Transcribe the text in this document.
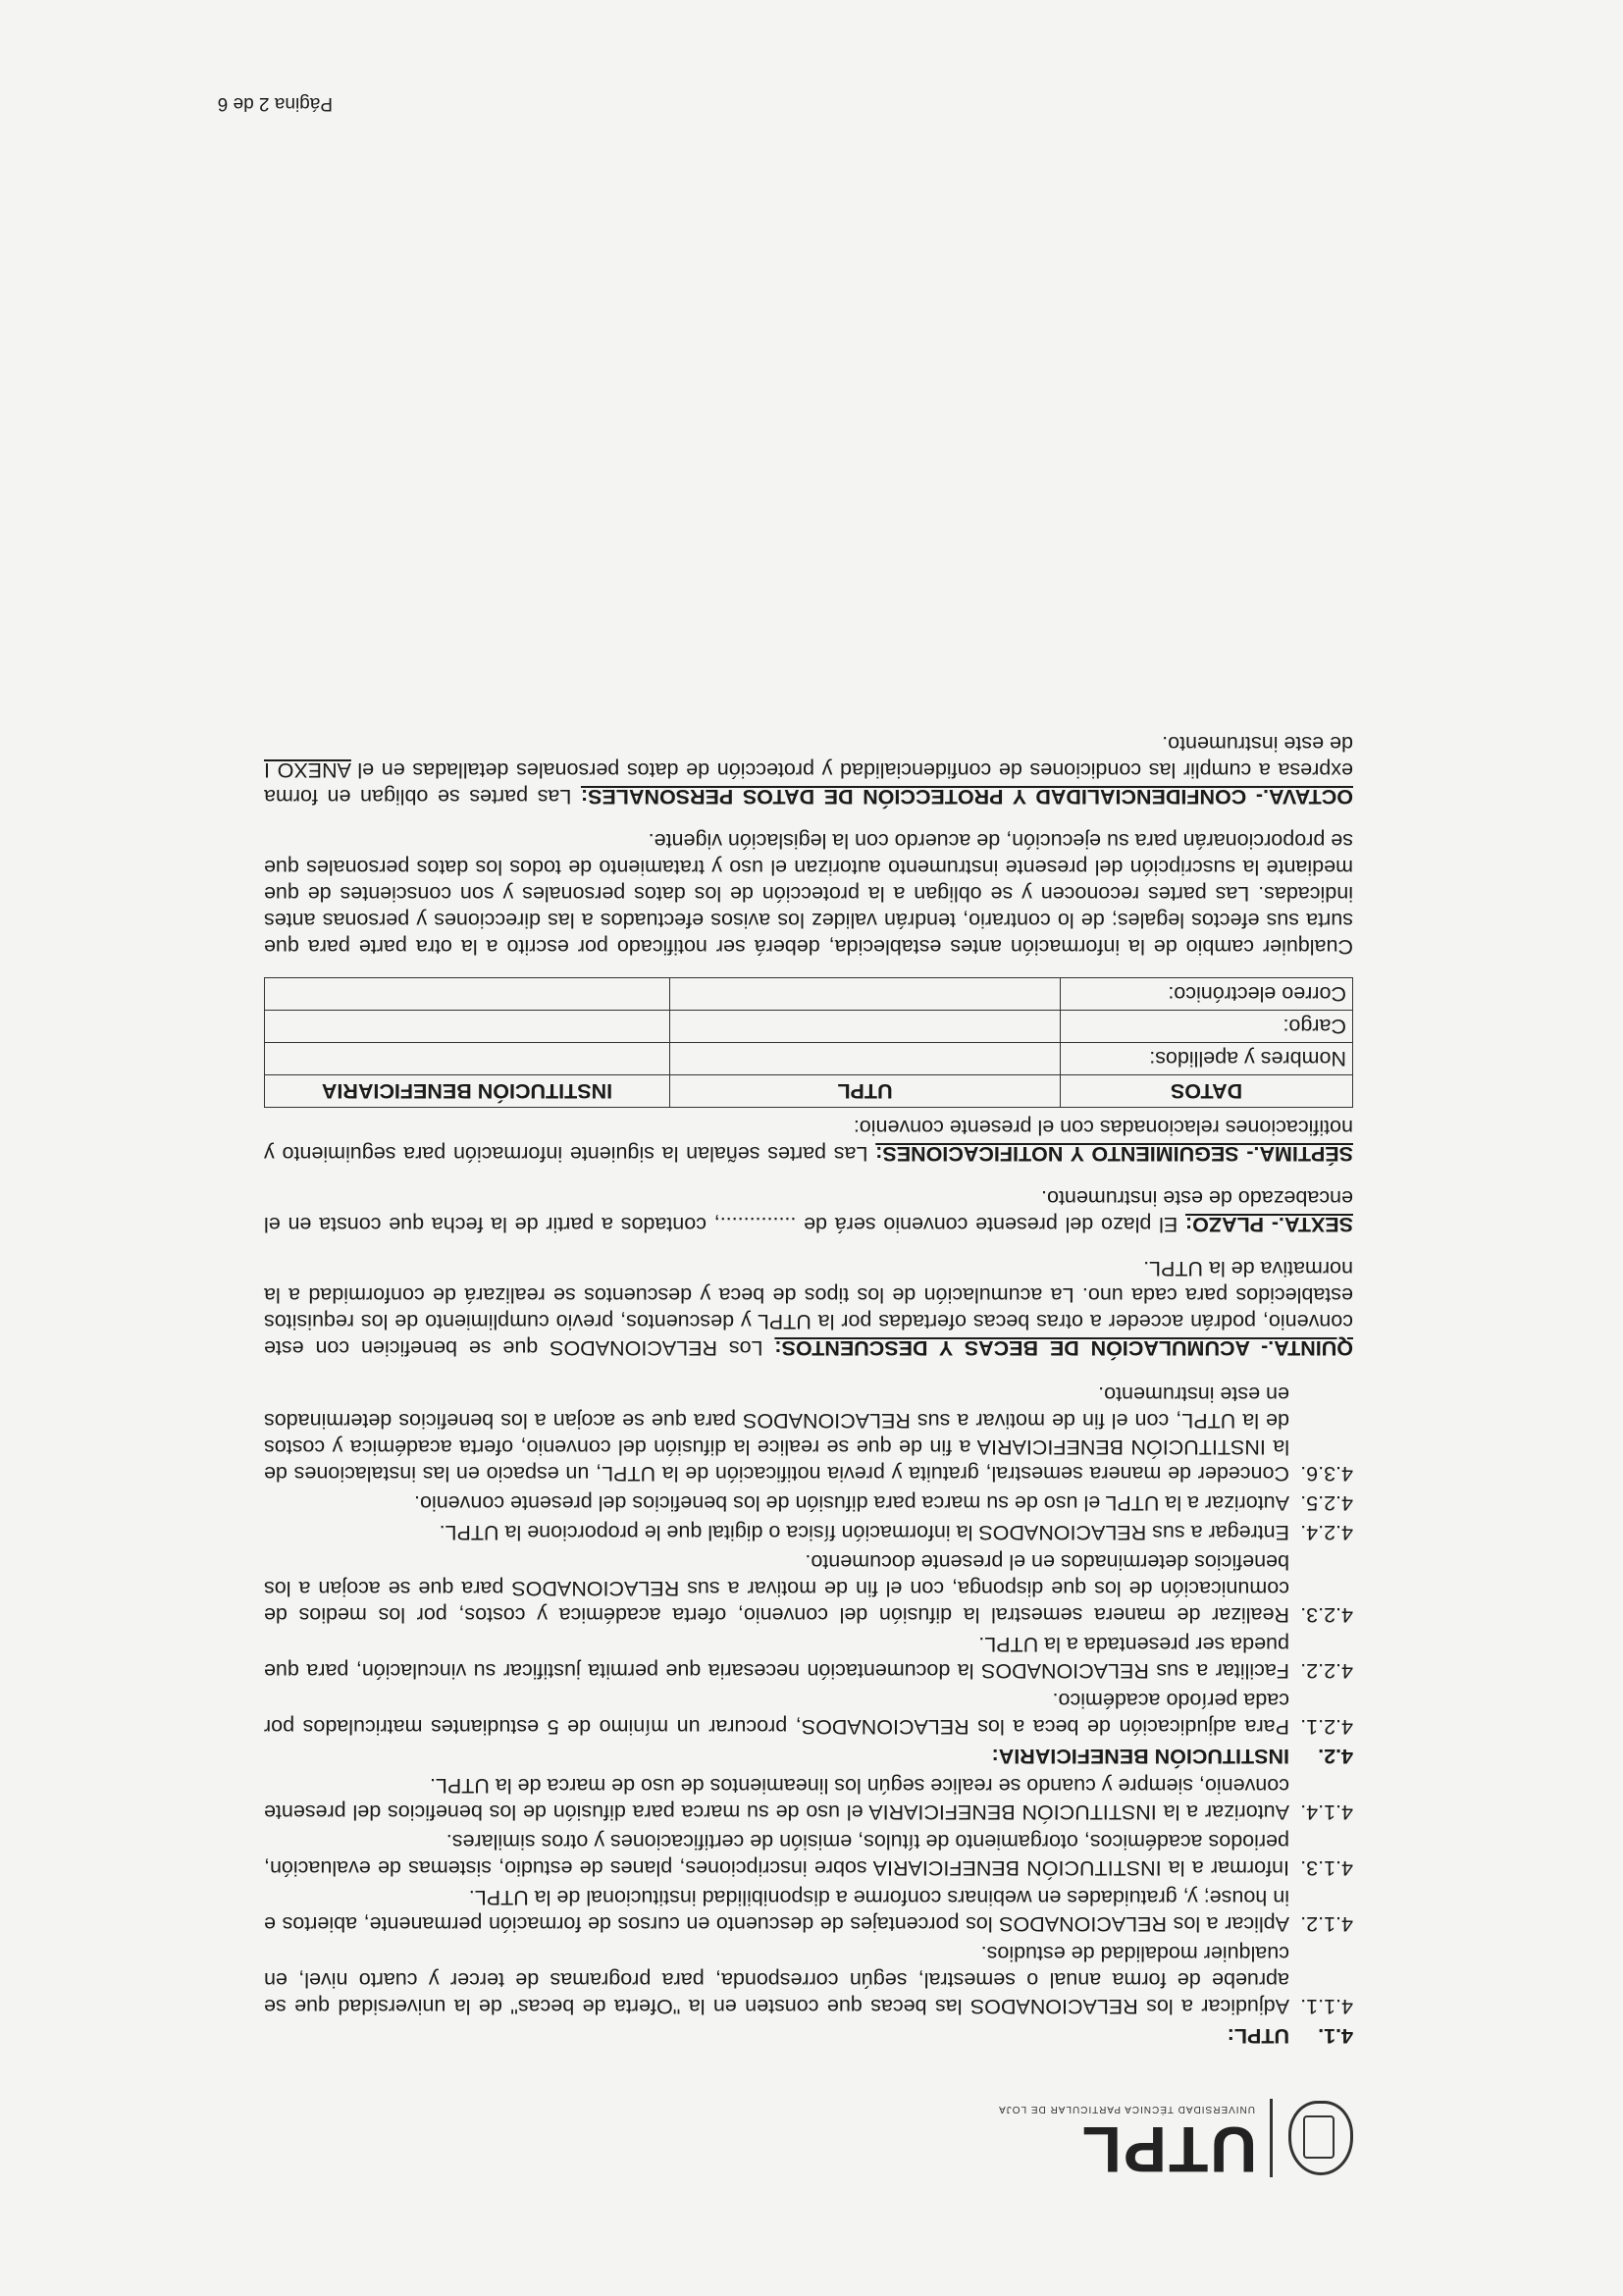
UTPL
UNIVERSIDAD TÉCNICA PARTICULAR DE LOJA
4.1.
UTPL:
4.1.1.
Adjudicar a los RELACIONADOS las becas que consten en la "Oferta de becas" de la universidad que se apruebe de forma anual o semestral, según corresponda, para programas de tercer y cuarto nivel, en cualquier modalidad de estudios.
4.1.2.
Aplicar a los RELACIONADOS los porcentajes de descuento en cursos de formación permanente, abiertos e in house; y, gratuidades en webinars conforme a disponibilidad institucional de la UTPL.
4.1.3.
Informar a la INSTITUCIÓN BENEFICIARIA sobre inscripciones, planes de estudio, sistemas de evaluación, periodos académicos, otorgamiento de títulos, emisión de certificaciones y otros similares.
4.1.4.
Autorizar a la INSTITUCIÓN BENEFICIARIA el uso de su marca para difusión de los beneficios del presente convenio, siempre y cuando se realice según los lineamientos de uso de marca de la UTPL.
4.2.
INSTITUCIÓN BENEFICIARIA:
4.2.1.
Para adjudicación de beca a los RELACIONADOS, procurar un mínimo de 5 estudiantes matriculados por cada período académico.
4.2.2.
Facilitar a sus RELACIONADOS la documentación necesaria que permita justificar su vinculación, para que pueda ser presentada a la UTPL.
4.2.3.
Realizar de manera semestral la difusión del convenio, oferta académica y costos, por los medios de comunicación de los que disponga, con el fin de motivar a sus RELACIONADOS para que se acojan a los beneficios determinados en el presente documento.
4.2.4.
Entregar a sus RELACIONADOS la información física o digital que le proporcione la UTPL.
4.2.5.
Autorizar a la UTPL el uso de su marca para difusión de los beneficios del presente convenio.
4.3.6.
Conceder de manera semestral, gratuita y previa notificación de la UTPL, un espacio en las instalaciones de la INSTITUCIÓN BENEFICIARIA a fin de que se realice la difusión del convenio, oferta académica y costos de la UTPL, con el fin de motivar a sus RELACIONADOS para que se acojan a los beneficios determinados en este instrumento.
QUINTA.- ACUMULACIÓN DE BECAS Y DESCUENTOS: Los RELACIONADOS que se beneficien con este convenio, podrán acceder a otras becas ofertadas por la UTPL y descuentos, previo cumplimiento de los requisitos establecidos para cada uno. La acumulación de los tipos de beca y descuentos se realizará de conformidad a la normativa de la UTPL.
SEXTA.- PLAZO: El plazo del presente convenio será de ............., contados a partir de la fecha que consta en el encabezado de este instrumento.
SÉPTIMA.- SEGUIMIENTO Y NOTIFICACIONES: Las partes señalan la siguiente información para seguimiento y notificaciones relacionadas con el presente convenio:
DATOS	UTPL	INSTITUCIÓN BENEFICIARIA
Nombres y apellidos:		
Cargo:		
Correo electrónico:		
Cualquier cambio de la información antes establecida, deberá ser notificado por escrito a la otra parte para que surta sus efectos legales; de lo contrario, tendrán validez los avisos efectuados a las direcciones y personas antes indicadas. Las partes reconocen y se obligan a la protección de los datos personales y son conscientes de que mediante la suscripción del presente instrumento autorizan el uso y tratamiento de todos los datos personales que se proporcionarán para su ejecución, de acuerdo con la legislación vigente.
OCTAVA.- CONFIDENCIALIDAD Y PROTECCIÓN DE DATOS PERSONALES: Las partes se obligan en forma expresa a cumplir las condiciones de confidencialidad y protección de datos personales detalladas en el ANEXO I de este instrumento.
Página 2 de 6
